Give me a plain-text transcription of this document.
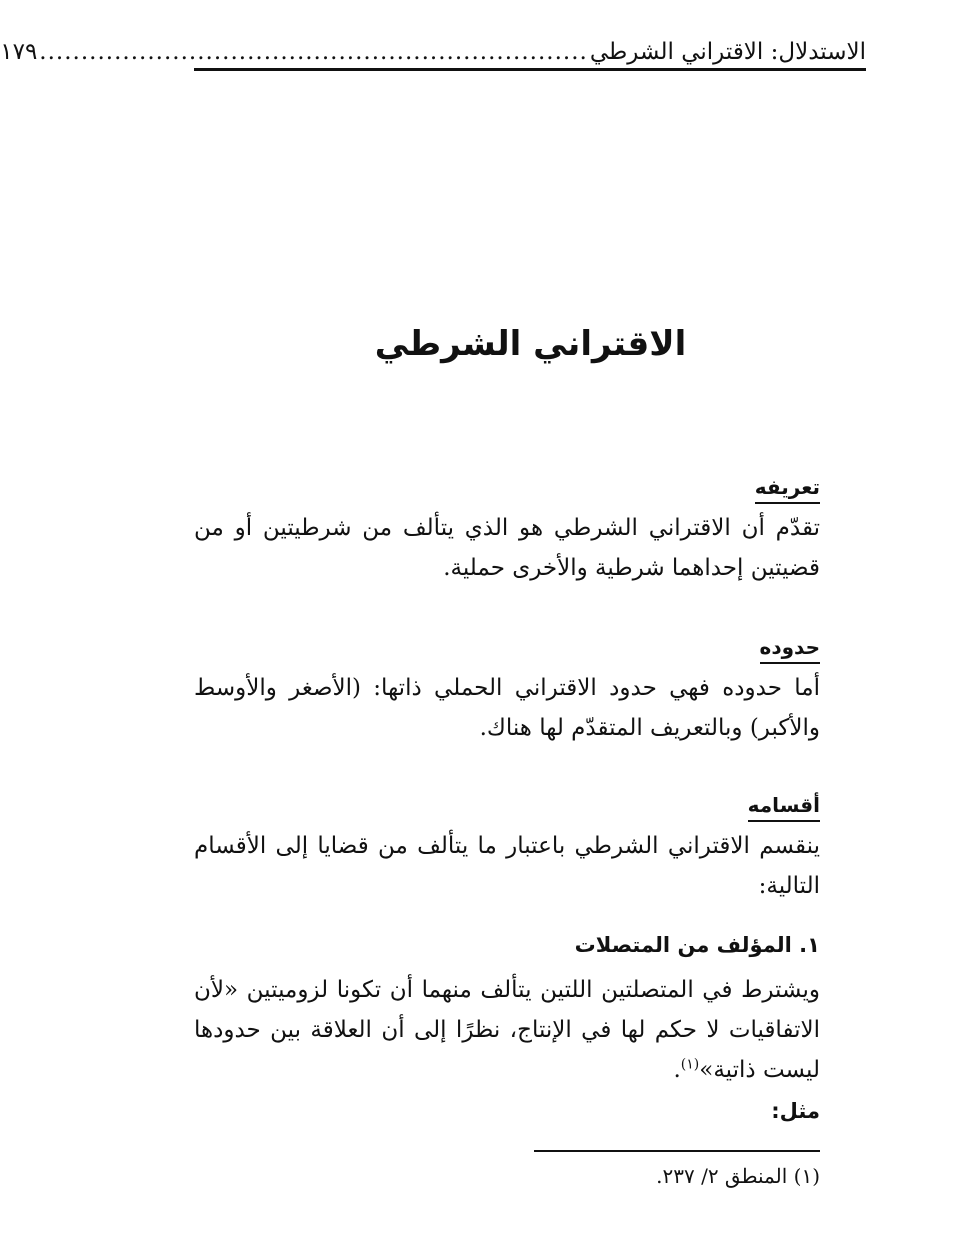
الاستدلال: الاقتراني الشرطي
..................................................................
١٧٩
الاقتراني الشرطي
تعريفه

تقدّم أن الاقتراني الشرطي هو الذي يتألف من شرطيتين أو من قضيتين إحداهما شرطية والأخرى حملية.

حدوده

أما حدوده فهي حدود الاقتراني الحملي ذاتها: (الأصغر والأوسط والأكبر) وبالتعريف المتقدّم لها هناك.

أقسامه

ينقسم الاقتراني الشرطي باعتبار ما يتألف من قضايا إلى الأقسام التالية:

١. المؤلف من المتصلات

ويشترط في المتصلتين اللتين يتألف منهما أن تكونا لزوميتين «لأن الاتفاقيات لا حكم لها في الإنتاج، نظرًا إلى أن العلاقة بين حدودها ليست ذاتية»$^{(١)}$.

مثل:

(١) المنطق ٢/ ٢٣٧.
